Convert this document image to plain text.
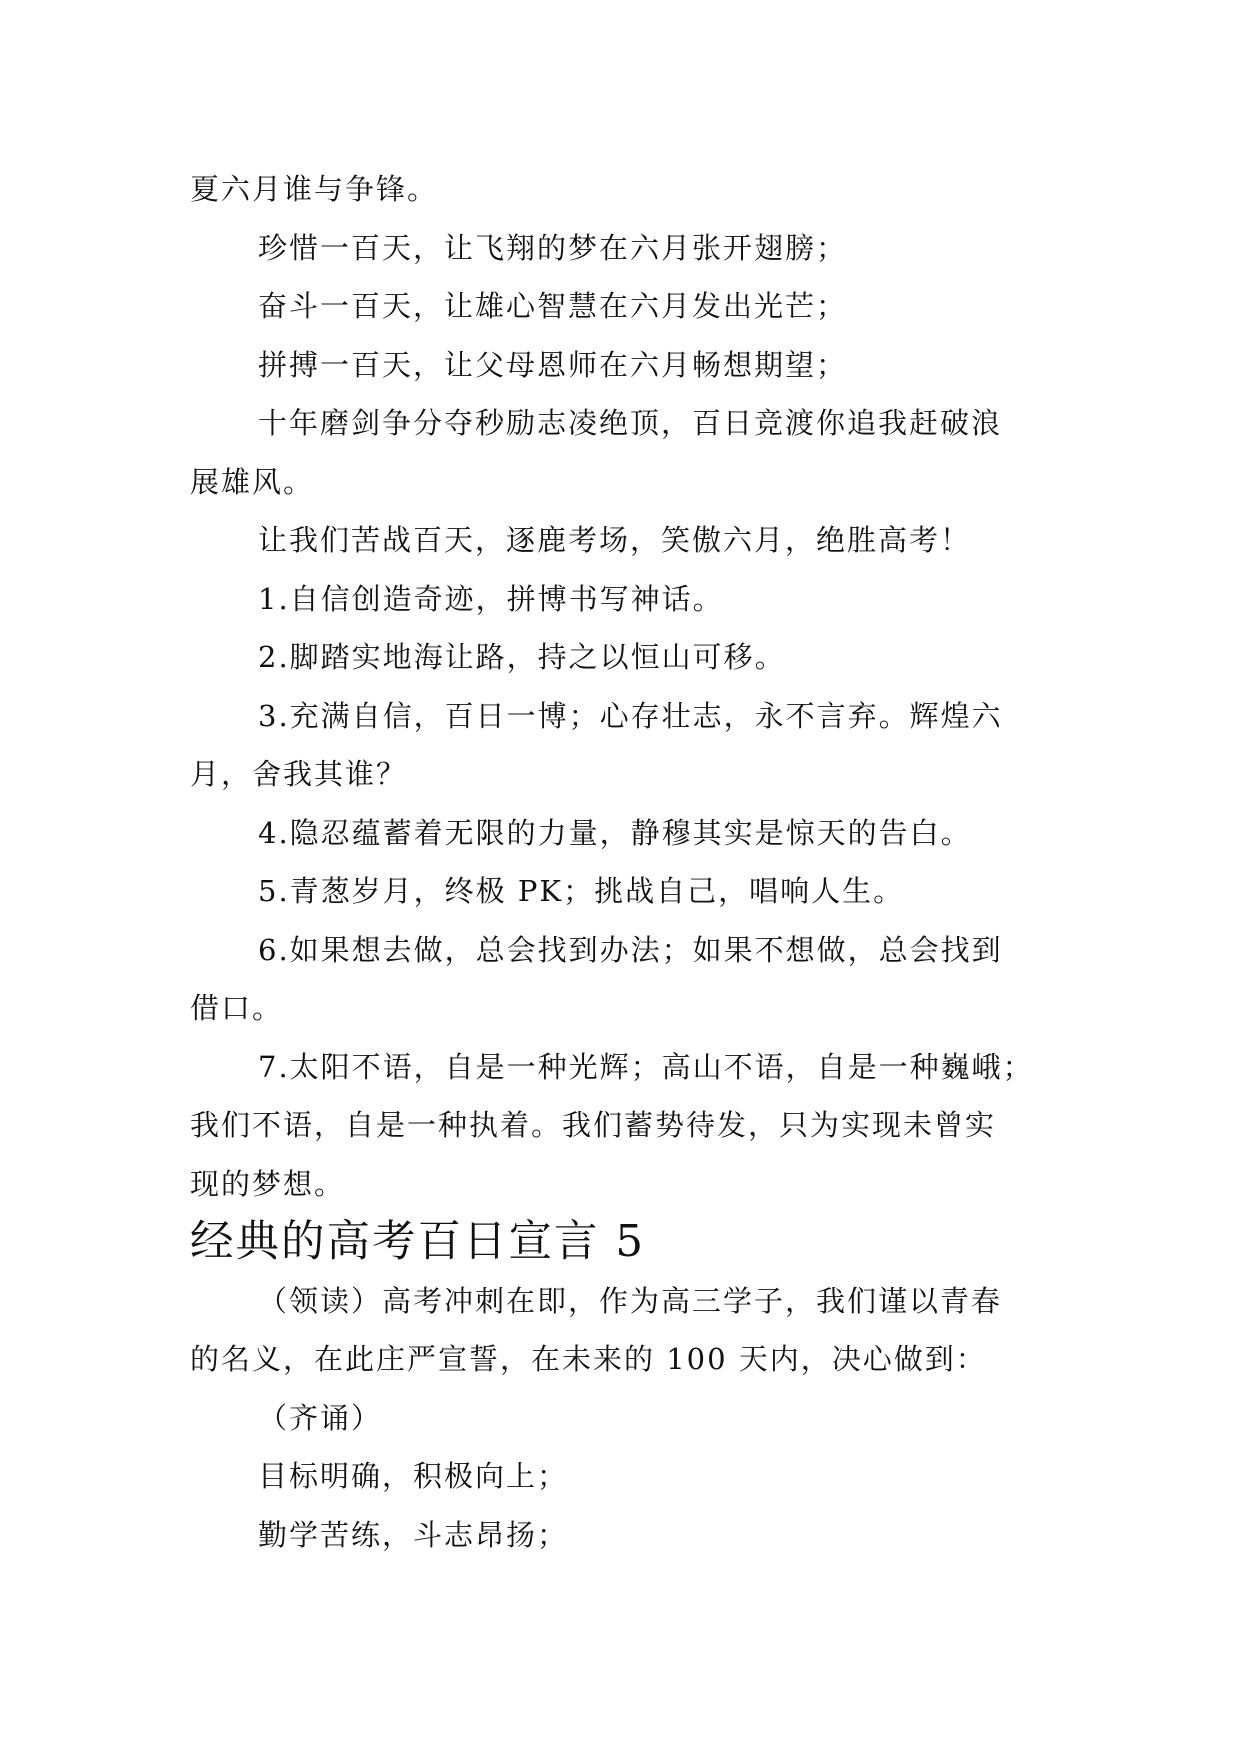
夏六月谁与争锋。

珍惜一百天，让飞翔的梦在六月张开翅膀；

奋斗一百天，让雄心智慧在六月发出光芒；

拼搏一百天，让父母恩师在六月畅想期望；

十年磨剑争分夺秒励志凌绝顶，百日竞渡你追我赶破浪

展雄风。

让我们苦战百天，逐鹿考场，笑傲六月，绝胜高考！

1.自信创造奇迹，拼博书写神话。

2.脚踏实地海让路，持之以恒山可移。

3.充满自信，百日一博；心存壮志，永不言弃。辉煌六

月，舍我其谁？

4.隐忍蕴蓄着无限的力量，静穆其实是惊天的告白。

5.青葱岁月，终极 PK；挑战自己，唱响人生。

6.如果想去做，总会找到办法；如果不想做，总会找到

借口。

7.太阳不语，自是一种光辉；高山不语，自是一种巍峨；

我们不语，自是一种执着。我们蓄势待发，只为实现未曾实

现的梦想。

经典的高考百日宣言 5

（领读）高考冲刺在即，作为高三学子，我们谨以青春

的名义，在此庄严宣誓，在未来的 100 天内，决心做到：

（齐诵）

目标明确，积极向上；

勤学苦练，斗志昂扬；
